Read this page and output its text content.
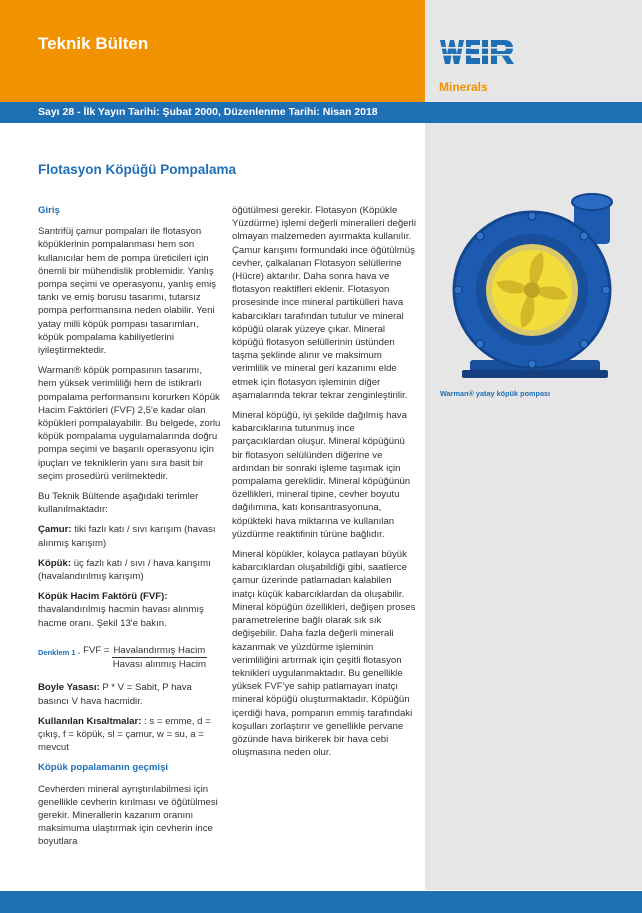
Teknik Bülten
Minerals
Sayı 28 - İlk Yayın Tarihi: Şubat 2000, Düzenlenme Tarihi: Nisan 2018
Flotasyon Köpüğü Pompalama
Giriş

Santrifüj çamur pompaları ile flotasyon köpüklerinin pompalanması hem son kullanıcılar hem de pompa üreticileri için önemli bir mühendislik problemidir. Yanlış pompa seçimi ve operasyonu, yanlış emiş tankı ve emiş borusu tasarımı, tutarsız pompa performansına neden olabilir. Yeni yatay milli köpük pompası tasarımları, köpük pompalama kabiliyetlerini iyileştirmektedir.

Warman® köpük pompasının tasarımı, hem yüksek verimliliği hem de istikrarlı pompalama performansını korurken Köpük Hacim Faktörleri (FVF) 2,5'e kadar olan köpükleri pompalayabilir. Bu belgede, zorlu köpük pompalama uygulamalarında doğru pompa seçimi ve başarılı operasyonu için ipuçları ve tekniklerin yanı sıra basit bir seçim prosedürü verilmektedir.

Bu Teknik Bültende aşağıdaki terimler kullanılmaktadır:

Çamur: tiki fazlı katı / sıvı karışım (havası alınmış karışım)

Köpük: üç fazlı katı / sıvı / hava karışımı (havalandırılmış karışım)

Köpük Hacim Faktörü (FVF): thavalandırılmış hacmin havası alınmış hacme oranı. Şekil 13'e bakın.

Denklem 1 - FVF = $\frac{\text{Havalandırmış Hacim}}{\text{Havası alınmış Hacim}}$

Boyle Yasası: P * V = Sabit, P hava basıncı V hava hacmidir.

Kullanılan Kısaltmalar: : s = emme, d = çıkış, f = köpük, sl = çamur, w = su, a = mevcut

Köpük popalamanın geçmişi

Cevherden mineral ayrıştırılabilmesi için genellikle cevherin kırılması ve öğütülmesi gerekir. Minerallerin kazanım oranını maksimuma ulaştırmak için cevherin ince boyutlara

öğütülmesi gerekir. Flotasyon (Köpükle Yüzdürme) işlemi değerli mineralleri değerli olmayan malzemeden ayırmakta kullanılır. Çamur karışımı formundaki ince öğütülmüş cevher, çalkalanan Flotasyon selüllerine (Hücre) aktarılır. Daha sonra hava ve flotasyon reaktifleri eklenir. Flotasyon prosesinde ince mineral partikülleri hava kabarcıkları tarafından tutulur ve mineral köpüğü olarak yüzeye çıkar. Mineral köpüğü flotasyon selüllerinin üstünden taşma şeklinde alınır ve maksimum verimlilik ve mineral geri kazanımı elde etmek için flotasyon işleminin diğer aşamalarında tekrar tekrar zenginleştirilir.

Mineral köpüğü, iyi şekilde dağılmış hava kabarcıklarına tutunmuş ince parçacıklardan oluşur. Mineral köpüğünü bir flotasyon selülünden diğerine ve ardından bir sonraki işleme taşımak için pompalama gereklidir. Mineral köpüğünün özellikleri, mineral tipine, cevher boyutu dağılımına, katı konsantrasyonuna, köpükteki hava miktarına ve kullanılan yüzdürme reaktifinin türüne bağlıdır.

Mineral köpükler, kolayca patlayan büyük kabarcıklardan oluşabildiği gibi, saatlerce çamur üzerinde patlamadan kalabilen inatçı küçük kabarcıklardan da oluşabilir. Mineral köpüğün özellikleri, değişen proses parametrelerine bağlı olarak sık sık değişebilir. Daha fazla değerli minerali kazanmak ve yüzdürme işleminin verimliliğini artırmak için çeşitli flotasyon teknikleri uygulanmaktadır. Bu genellikle yüksek FVF'ye sahip patlamayan inatçı mineral köpüğü oluşturmaktadır. Köpüğün içerdiği hava, pompanın emmiş tarafındaki koşulları zorlaştırır ve genellikle pervane gözünde hava birikerek bir hava cebi oluşmasına neden olur.

Warman® yatay köpük pompası
